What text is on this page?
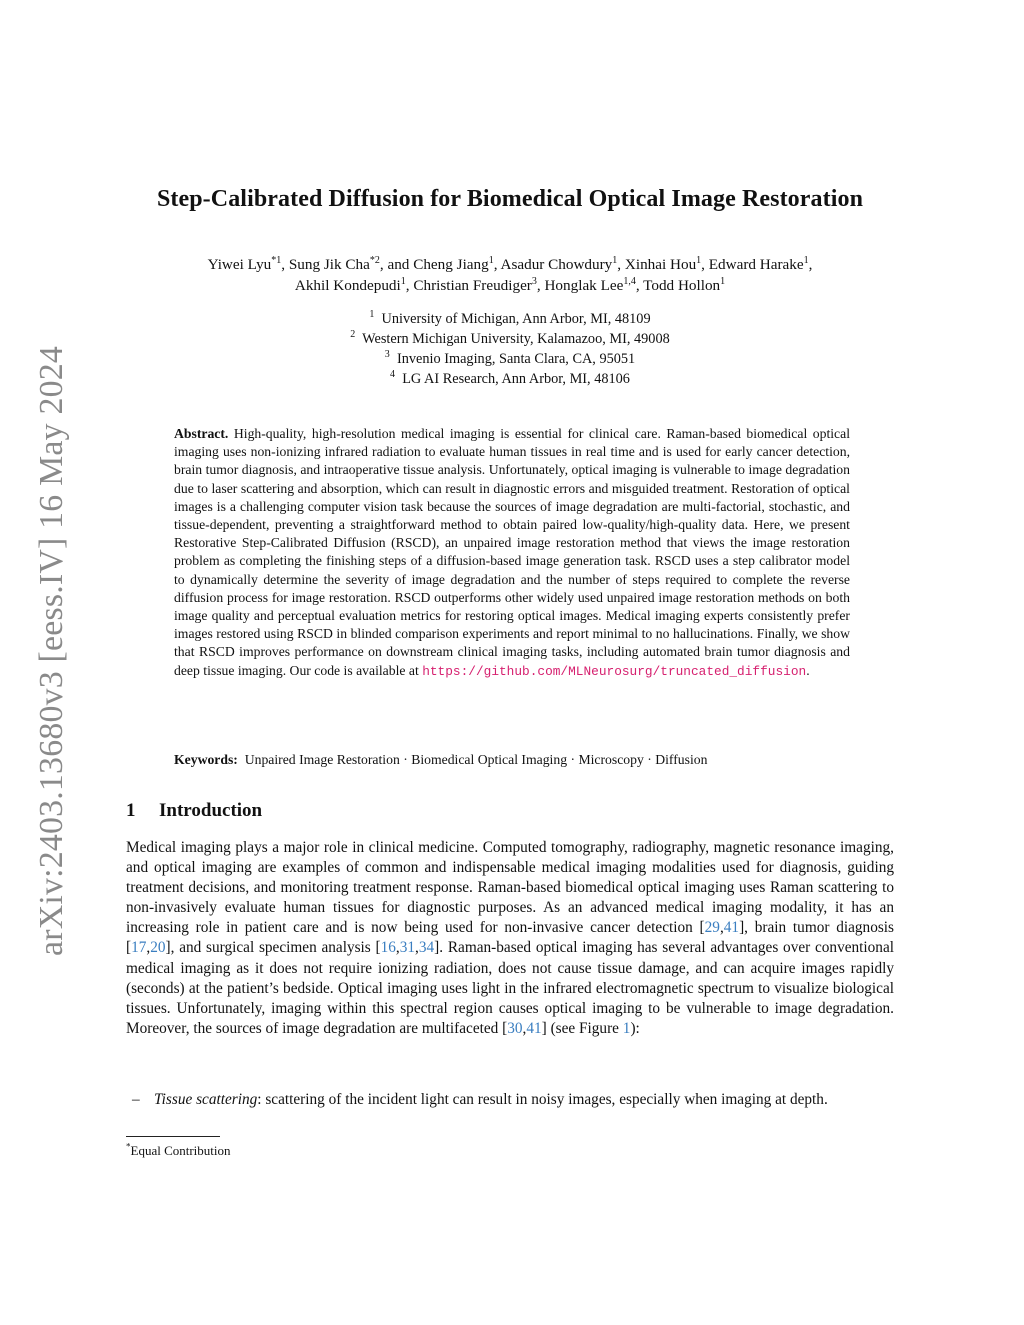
arXiv:2403.13680v3 [eess.IV] 16 May 2024
Step-Calibrated Diffusion for Biomedical Optical Image Restoration
Yiwei Lyu$^{*1}$, Sung Jik Cha$^{*2}$, and Cheng Jiang$^1$, Asadur Chowdury$^1$, Xinhai Hou$^1$, Edward Harake$^1$,
Akhil Kondepudi$^1$, Christian Freudiger$^3$, Honglak Lee$^{1,4}$, Todd Hollon$^1$
$^1$ University of Michigan, Ann Arbor, MI, 48109
$^2$ Western Michigan University, Kalamazoo, MI, 49008
$^3$ Invenio Imaging, Santa Clara, CA, 95051
$^4$ LG AI Research, Ann Arbor, MI, 48106
Abstract. High-quality, high-resolution medical imaging is essential for clinical care. Raman-based biomedical optical imaging uses non-ionizing infrared radiation to evaluate human tissues in real time and is used for early cancer detection, brain tumor diagnosis, and intraoperative tissue analysis. Unfortunately, optical imaging is vulnerable to image degradation due to laser scattering and absorption, which can result in diagnostic errors and misguided treatment. Restoration of optical images is a challenging computer vision task because the sources of image degradation are multi-factorial, stochastic, and tissue-dependent, preventing a straightforward method to obtain paired low-quality/high-quality data. Here, we present Restorative Step-Calibrated Diffusion (RSCD), an unpaired image restoration method that views the image restoration problem as completing the finishing steps of a diffusion-based image generation task. RSCD uses a step calibrator model to dynamically determine the severity of image degradation and the number of steps required to complete the reverse diffusion process for image restoration. RSCD outperforms other widely used unpaired image restoration methods on both image quality and perceptual evaluation metrics for restoring optical images. Medical imaging experts consistently prefer images restored using RSCD in blinded comparison experiments and report minimal to no hallucinations. Finally, we show that RSCD improves performance on downstream clinical imaging tasks, including automated brain tumor diagnosis and deep tissue imaging. Our code is available at https://github.com/MLNeurosurg/truncated_diffusion.
Keywords: Unpaired Image Restoration · Biomedical Optical Imaging · Microscopy · Diffusion
1 Introduction
Medical imaging plays a major role in clinical medicine. Computed tomography, radiography, magnetic resonance imaging, and optical imaging are examples of common and indispensable medical imaging modalities used for diagnosis, guiding treatment decisions, and monitoring treatment response. Raman-based biomedical optical imaging uses Raman scattering to non-invasively evaluate human tissues for diagnostic purposes. As an advanced medical imaging modality, it has an increasing role in patient care and is now being used for non-invasive cancer detection [29,41], brain tumor diagnosis [17,20], and surgical specimen analysis [16,31,34]. Raman-based optical imaging has several advantages over conventional medical imaging as it does not require ionizing radiation, does not cause tissue damage, and can acquire images rapidly (seconds) at the patient’s bedside. Optical imaging uses light in the infrared electromagnetic spectrum to visualize biological tissues. Unfortunately, imaging within this spectral region causes optical imaging to be vulnerable to image degradation. Moreover, the sources of image degradation are multifaceted [30,41] (see Figure 1):
– Tissue scattering: scattering of the incident light can result in noisy images, especially when imaging at depth.
*Equal Contribution
